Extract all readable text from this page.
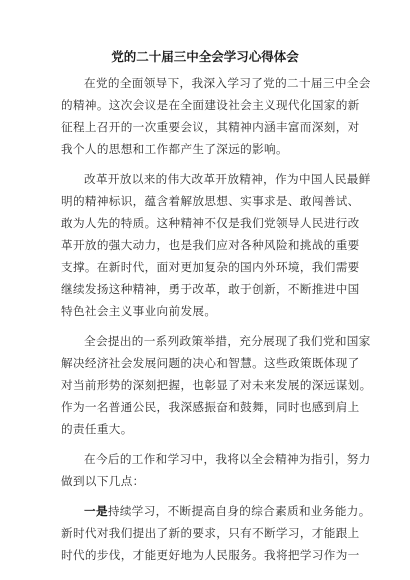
党的二十届三中全会学习心得体会
在党的全面领导下，我深入学习了党的二十届三中全会
的精神。这次会议是在全面建设社会主义现代化国家的新
征程上召开的一次重要会议，其精神内涵丰富而深刻，对
我个人的思想和工作都产生了深远的影响。
改革开放以来的伟大改革开放精神，作为中国人民最鲜
明的精神标识，蕴含着解放思想、实事求是、敢闯善试、
敢为人先的特质。这种精神不仅是我们党领导人民进行改
革开放的强大动力，也是我们应对各种风险和挑战的重要
支撑。在新时代，面对更加复杂的国内外环境，我们需要
继续发扬这种精神，勇于改革，敢于创新，不断推进中国
特色社会主义事业向前发展。
全会提出的一系列政策举措，充分展现了我们党和国家
解决经济社会发展问题的决心和智慧。这些政策既体现了
对当前形势的深刻把握，也彰显了对未来发展的深远谋划。
作为一名普通公民，我深感振奋和鼓舞，同时也感到肩上
的责任重大。
在今后的工作和学习中，我将以全会精神为指引，努力
做到以下几点：
一是持续学习，不断提高自身的综合素质和业务能力。
新时代对我们提出了新的要求，只有不断学习，才能跟上
时代的步伐，才能更好地为人民服务。我将把学习作为一
